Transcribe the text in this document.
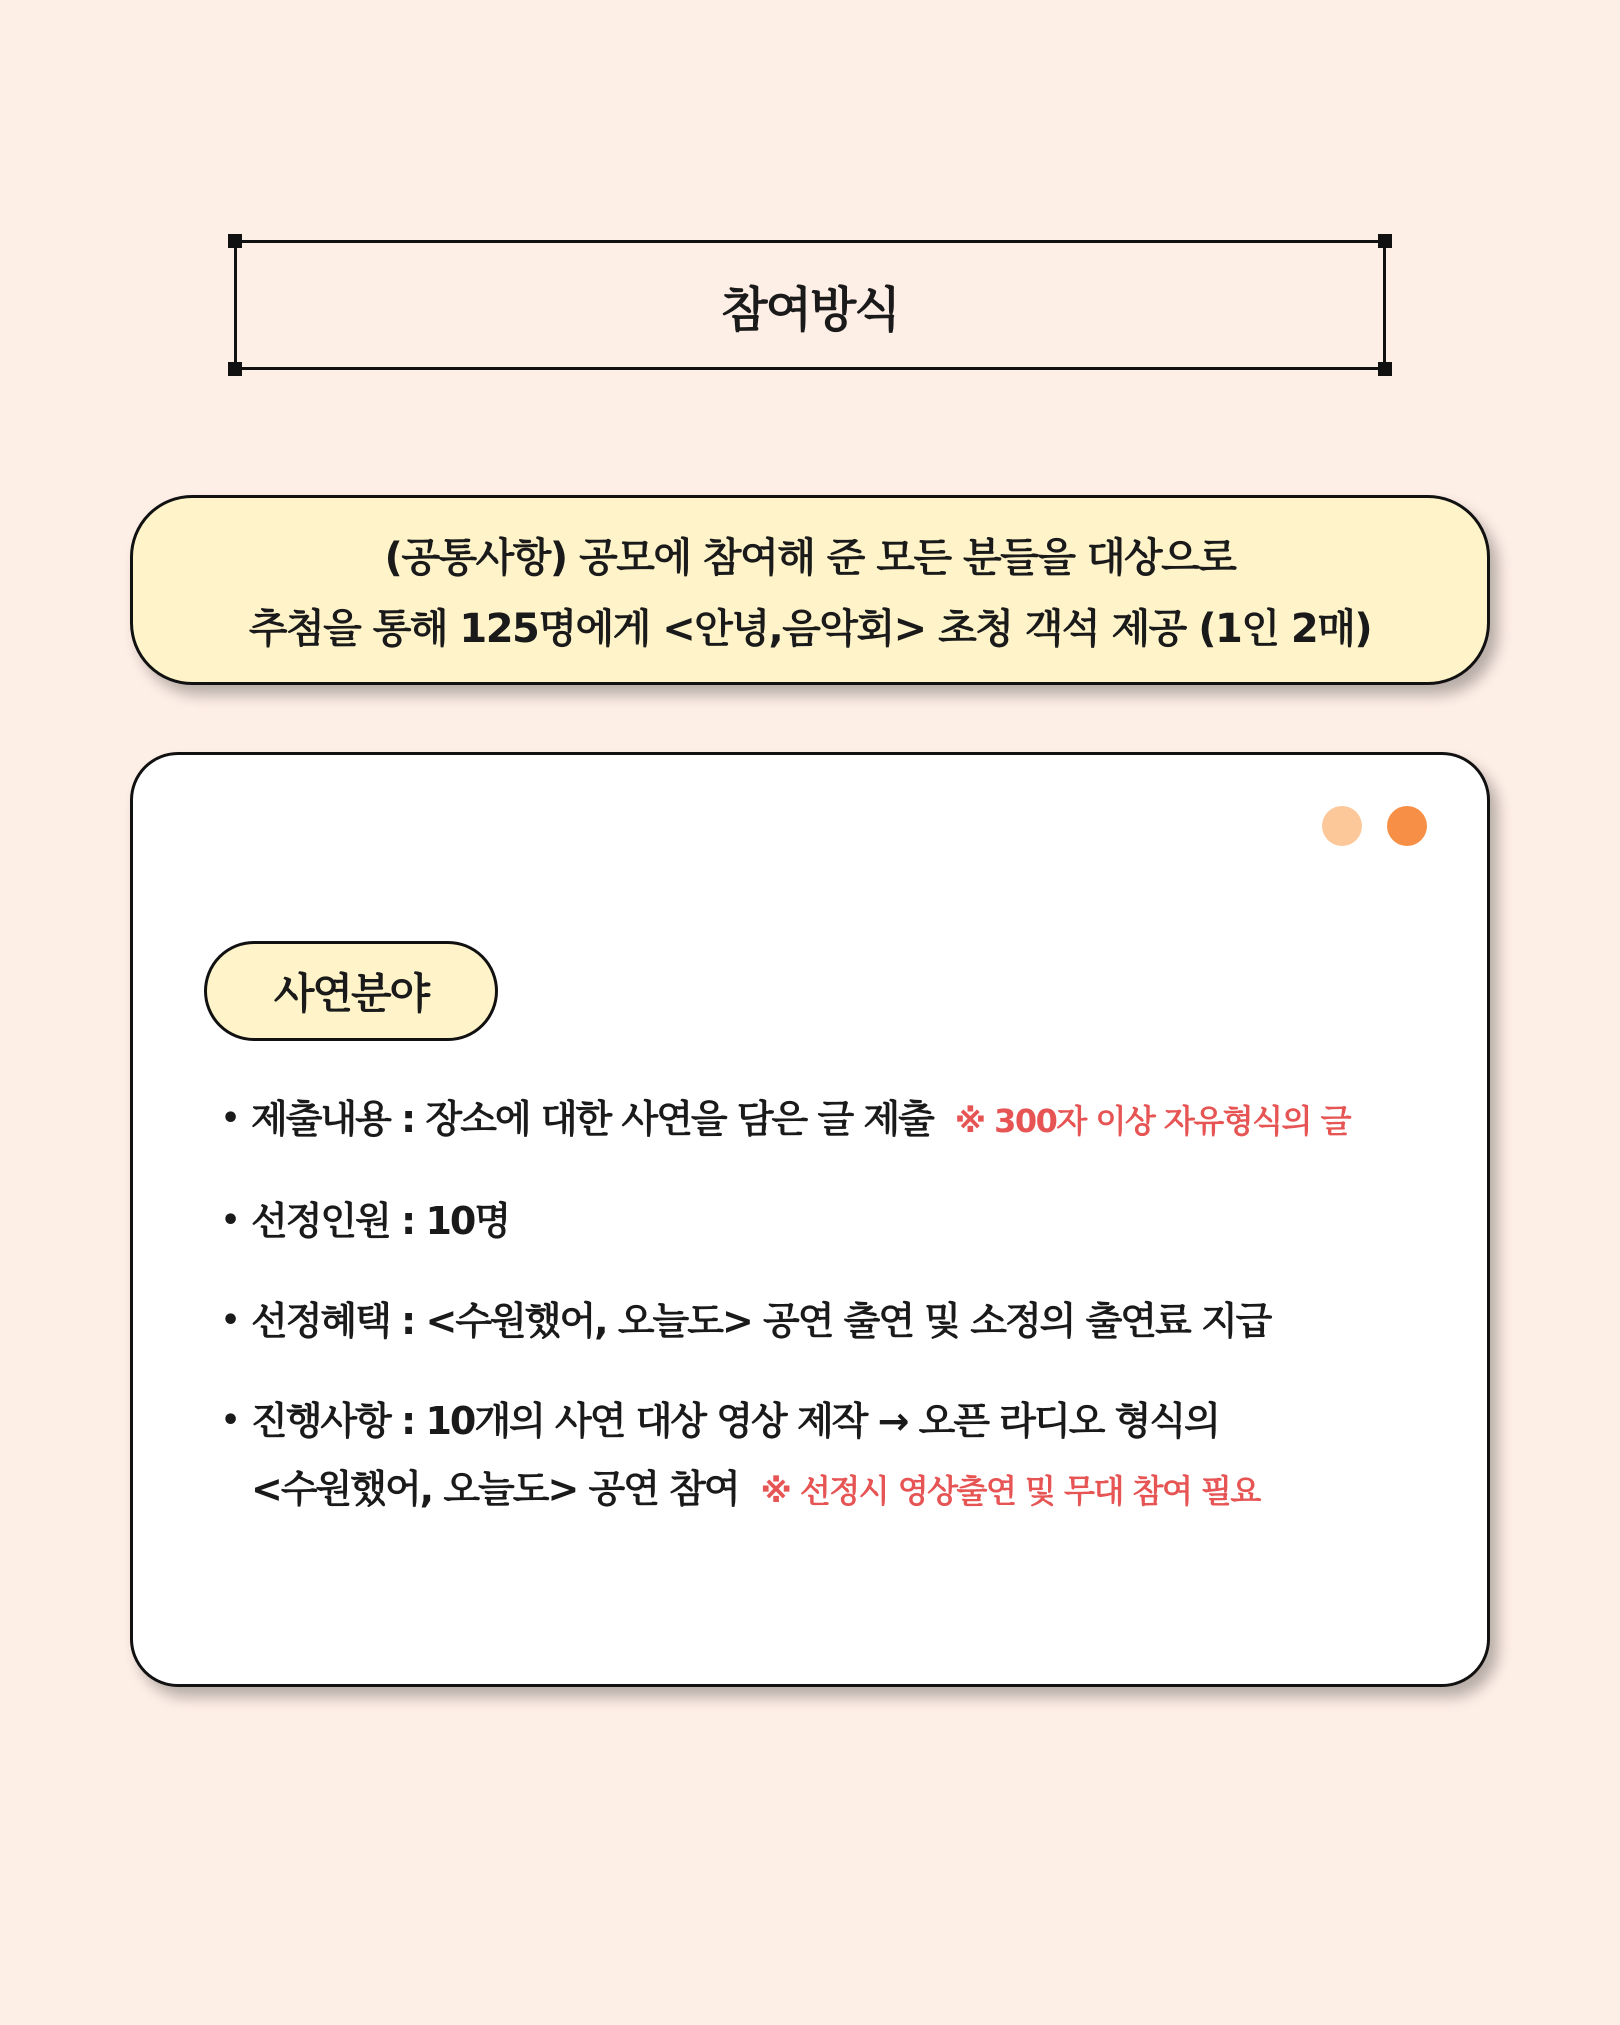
참여방식
(공통사항) 공모에 참여해 준 모든 분들을 대상으로
추첨을 통해 125명에게 <안녕,음악회> 초청 객석 제공 (1인 2매)
사연분야
• 제출내용 : 장소에 대한 사연을 담은 글 제출 ※ 300자 이상 자유형식의 글
• 선정인원 : 10명
• 선정혜택 : <수원했어, 오늘도> 공연 출연 및 소정의 출연료 지급
• 진행사항 : 10개의 사연 대상 영상 제작 → 오픈 라디오 형식의
<수원했어, 오늘도> 공연 참여 ※ 선정시 영상출연 및 무대 참여 필요
